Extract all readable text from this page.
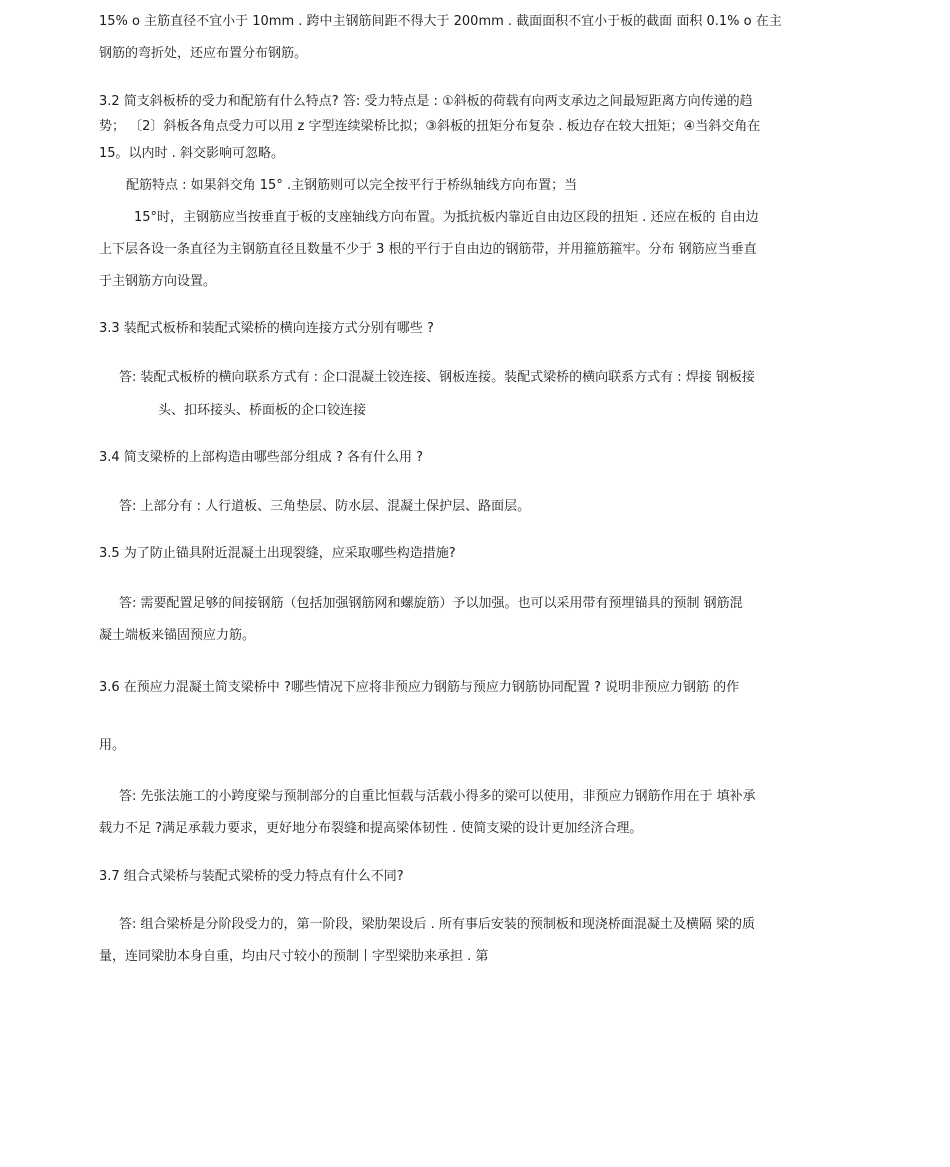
15% o 主筋直径不宜小于 10mm . 跨中主钢筋间距不得大于 200mm . 截面面积不宜小于板的截面 面积 0.1% o 在主
钢筋的弯折处，还应布置分布钢筋。
3.2 简支斜板桥的受力和配筋有什么特点? 答: 受力特点是 : ①斜板的荷载有向两支承边之间最短距离方向传递的趋
势； 〔2〕斜板各角点受力可以用 z 字型连续梁桥比拟；③斜板的扭矩分布复杂 . 板边存在较大扭矩；④当斜交角在
15。以内时 . 斜交影响可忽略。
配筋特点 : 如果斜交角 15° .主钢筋则可以完全按平行于桥纵轴线方向布置；当
15°时，主钢筋应当按垂直于板的支座轴线方向布置。为抵抗板内靠近自由边区段的扭矩 . 还应在板的 自由边
上下层各设一条直径为主钢筋直径且数量不少于 3 根的平行于自由边的钢筋带，并用箍筋箍牢。分布 钢筋应当垂直
于主钢筋方向设置。
3.3 装配式板桥和装配式梁桥的横向连接方式分别有哪些 ?
答: 装配式板桥的横向联系方式有 : 企口混凝土铰连接、钢板连接。装配式梁桥的横向联系方式有 : 焊接 钢板接
头、扣环接头、桥面板的企口铰连接
3.4 简支梁桥的上部构造由哪些部分组成 ? 各有什么用 ?
答: 上部分有 : 人行道板、三角垫层、防水层、混凝土保护层、路面层。
3.5 为了防止锚具附近混凝土出现裂缝，应采取哪些构造措施?
答: 需要配置足够的间接钢筋（包括加强钢筋网和螺旋筋）予以加强。也可以采用带有预埋锚具的预制 钢筋混
凝土端板来锚固预应力筋。
3.6 在预应力混凝土简支梁桥中 ?哪些情况下应将非预应力钢筋与预应力钢筋协同配置 ? 说明非预应力钢筋 的作
用。
答: 先张法施工的小跨度梁与预制部分的自重比恒载与活载小得多的梁可以使用，非预应力钢筋作用在于 填补承
载力不足 ?满足承载力要求，更好地分布裂缝和提高梁体韧性 . 使简支梁的设计更加经济合理。
3.7 组合式梁桥与装配式梁桥的受力特点有什么不同?
答: 组合梁桥是分阶段受力的，第一阶段，梁肋架设后 . 所有事后安装的预制板和现浇桥面混凝土及横隔 梁的质
量，连同梁肋本身自重，均由尺寸较小的预制丨字型梁肋来承担 . 第
